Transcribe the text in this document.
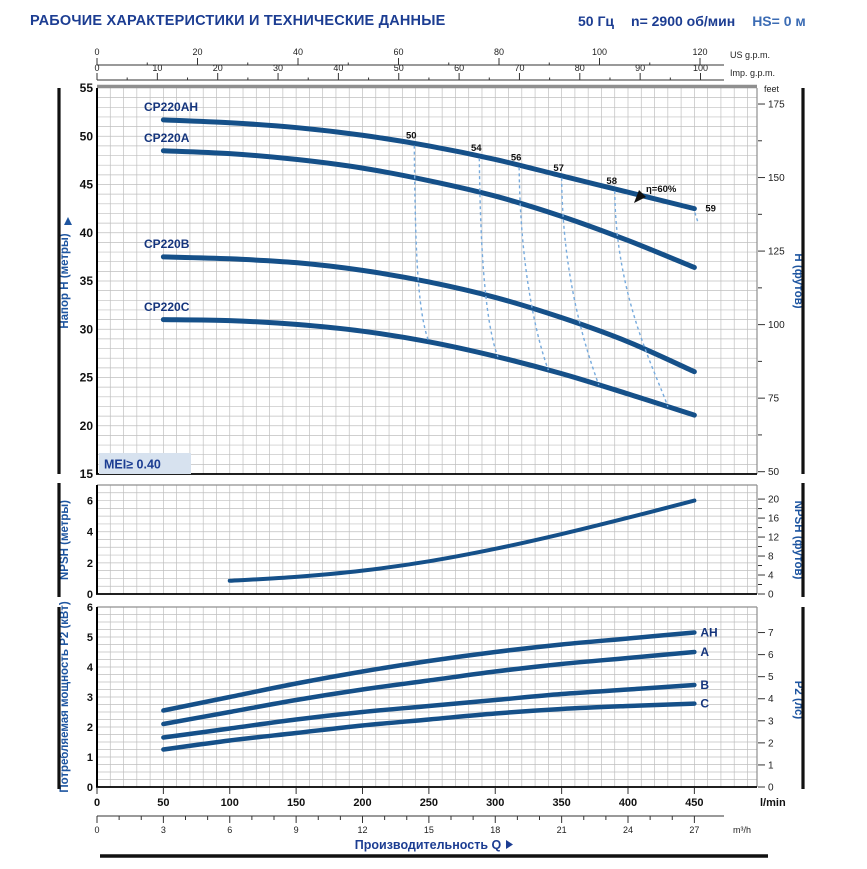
РАБОЧИЕ ХАРАКТЕРИСТИКИ И ТЕХНИЧЕСКИЕ ДАННЫЕ	50 Гц n= 2900 об/мин HS= 0 м
CP220AH
CP220A
CP220B
CP220C
50
54
56
57
58
59
η=60%
MEI≥ 0.40
AH
A
B
C
15
20
25
30
35
40
45
50
55
0
2
4
6
0
1
2
3
4
5
6
0	20	40	60	80	100	120 US g.p.m.
0	10	20	30	40	50	60	70	80	90	100 Imp. g.p.m.
feet
50
75
100
125
150
175
0
4
8
12
16
20
0
1
2
3
4
5
6
7
0	50	100	150	200	250	300	350	400	450	l/min
0	3	6	9	12	15	18	21	24	27	m³/h
Производительность Q
Напор H (метры)
NPSH (метры)
Потребляемая мощность P2 (кВт)
H (футов)
NPSH (футов)
P2 (лс)
